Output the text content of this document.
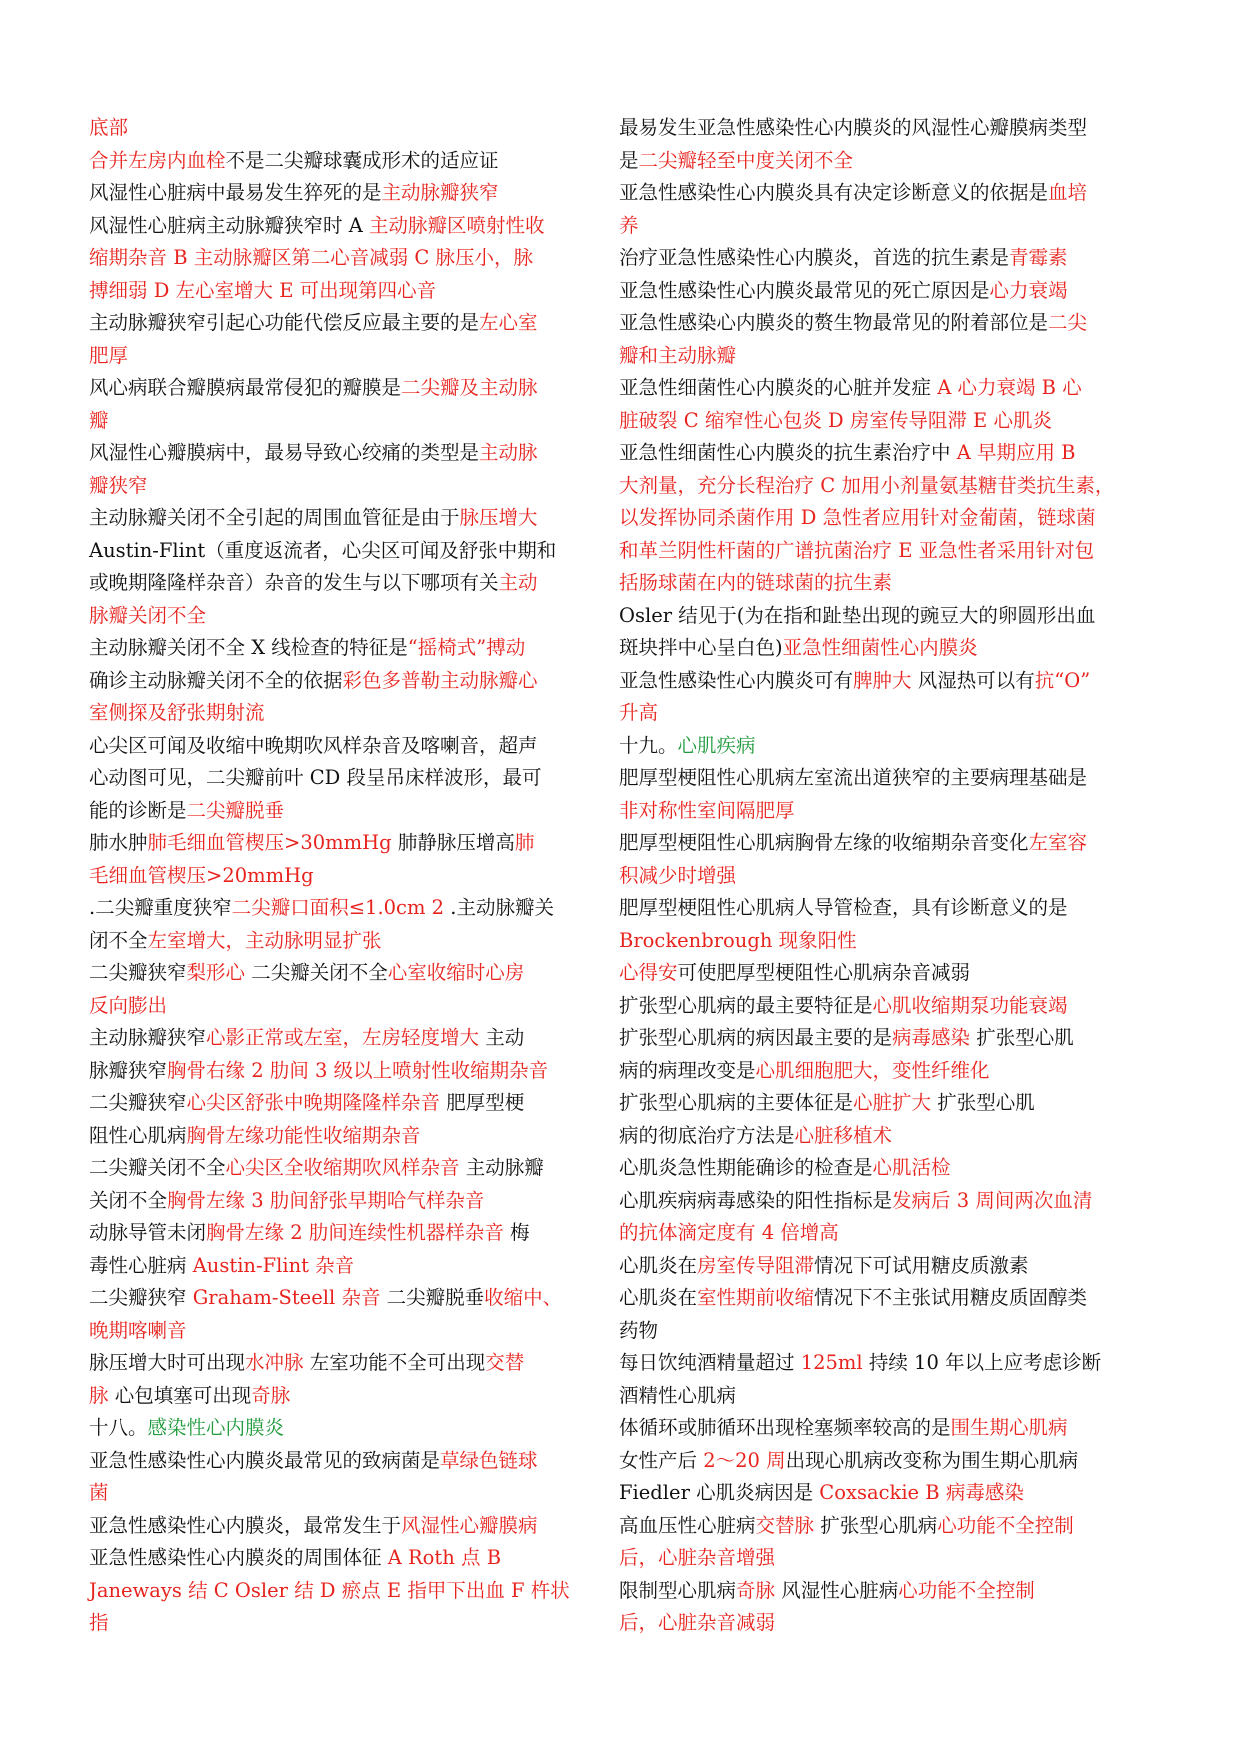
底部
合并左房内血栓不是二尖瓣球囊成形术的适应证
风湿性心脏病中最易发生猝死的是主动脉瓣狭窄
风湿性心脏病主动脉瓣狭窄时 A 主动脉瓣区喷射性收
缩期杂音 B 主动脉瓣区第二心音减弱 C 脉压小，脉
搏细弱 D 左心室增大 E 可出现第四心音
主动脉瓣狭窄引起心功能代偿反应最主要的是左心室
肥厚
风心病联合瓣膜病最常侵犯的瓣膜是二尖瓣及主动脉
瓣
风湿性心瓣膜病中，最易导致心绞痛的类型是主动脉
瓣狭窄
主动脉瓣关闭不全引起的周围血管征是由于脉压增大
Austin-Flint（重度返流者，心尖区可闻及舒张中期和
或晚期隆隆样杂音）杂音的发生与以下哪项有关主动
脉瓣关闭不全
主动脉瓣关闭不全 X 线检查的特征是“摇椅式”搏动
确诊主动脉瓣关闭不全的依据彩色多普勒主动脉瓣心
室侧探及舒张期射流
心尖区可闻及收缩中晚期吹风样杂音及喀喇音，超声
心动图可见，二尖瓣前叶 CD 段呈吊床样波形，最可
能的诊断是二尖瓣脱垂
肺水肿肺毛细血管楔压>30mmHg 肺静脉压增高肺
毛细血管楔压>20mmHg
.二尖瓣重度狭窄二尖瓣口面积≤1.0cm 2 .主动脉瓣关
闭不全左室增大，主动脉明显扩张
二尖瓣狭窄梨形心 二尖瓣关闭不全心室收缩时心房
反向膨出
主动脉瓣狭窄心影正常或左室，左房轻度增大 主动
脉瓣狭窄胸骨右缘 2 肋间 3 级以上喷射性收缩期杂音
二尖瓣狭窄心尖区舒张中晚期隆隆样杂音 肥厚型梗
阻性心肌病胸骨左缘功能性收缩期杂音
二尖瓣关闭不全心尖区全收缩期吹风样杂音 主动脉瓣
关闭不全胸骨左缘 3 肋间舒张早期哈气样杂音
动脉导管未闭胸骨左缘 2 肋间连续性机器样杂音 梅
毒性心脏病 Austin-Flint 杂音
二尖瓣狭窄 Graham-Steell 杂音 二尖瓣脱垂收缩中、
晚期喀喇音
脉压增大时可出现水冲脉 左室功能不全可出现交替
脉 心包填塞可出现奇脉
十八。感染性心内膜炎
亚急性感染性心内膜炎最常见的致病菌是草绿色链球
菌
亚急性感染性心内膜炎，最常发生于风湿性心瓣膜病
亚急性感染性心内膜炎的周围体征 A Roth 点 B
Janeways 结 C Osler 结 D 瘀点 E 指甲下出血 F 杵状
指
最易发生亚急性感染性心内膜炎的风湿性心瓣膜病类型
是二尖瓣轻至中度关闭不全
亚急性感染性心内膜炎具有决定诊断意义的依据是血培
养
治疗亚急性感染性心内膜炎，首选的抗生素是青霉素
亚急性感染性心内膜炎最常见的死亡原因是心力衰竭
亚急性感染心内膜炎的赘生物最常见的附着部位是二尖
瓣和主动脉瓣
亚急性细菌性心内膜炎的心脏并发症 A 心力衰竭 B 心
脏破裂 C 缩窄性心包炎 D 房室传导阻滞 E 心肌炎
亚急性细菌性心内膜炎的抗生素治疗中 A 早期应用 B
大剂量，充分长程治疗 C 加用小剂量氨基糖苷类抗生素，
以发挥协同杀菌作用 D 急性者应用针对金葡菌，链球菌
和革兰阴性杆菌的广谱抗菌治疗 E 亚急性者采用针对包
括肠球菌在内的链球菌的抗生素
Osler 结见于(为在指和趾垫出现的豌豆大的卵圆形出血
斑块拌中心呈白色)亚急性细菌性心内膜炎
亚急性感染性心内膜炎可有脾肿大 风湿热可以有抗“O”
升高
十九。心肌疾病
肥厚型梗阻性心肌病左室流出道狭窄的主要病理基础是
非对称性室间隔肥厚
肥厚型梗阻性心肌病胸骨左缘的收缩期杂音变化左室容
积减少时增强
肥厚型梗阻性心肌病人导管检查，具有诊断意义的是
Brockenbrough 现象阳性
心得安可使肥厚型梗阻性心肌病杂音减弱
扩张型心肌病的最主要特征是心肌收缩期泵功能衰竭
扩张型心肌病的病因最主要的是病毒感染 扩张型心肌
病的病理改变是心肌细胞肥大，变性纤维化
扩张型心肌病的主要体征是心脏扩大 扩张型心肌
病的彻底治疗方法是心脏移植术
心肌炎急性期能确诊的检查是心肌活检
心肌疾病病毒感染的阳性指标是发病后 3 周间两次血清
的抗体滴定度有 4 倍增高
心肌炎在房室传导阻滞情况下可试用糖皮质激素
心肌炎在室性期前收缩情况下不主张试用糖皮质固醇类
药物
每日饮纯酒精量超过 125ml 持续 10 年以上应考虑诊断
酒精性心肌病
体循环或肺循环出现栓塞频率较高的是围生期心肌病
女性产后 2～20 周出现心肌病改变称为围生期心肌病
Fiedler 心肌炎病因是 Coxsackie B 病毒感染
高血压性心脏病交替脉 扩张型心肌病心功能不全控制
后，心脏杂音增强
限制型心肌病奇脉 风湿性心脏病心功能不全控制
后，心脏杂音减弱
